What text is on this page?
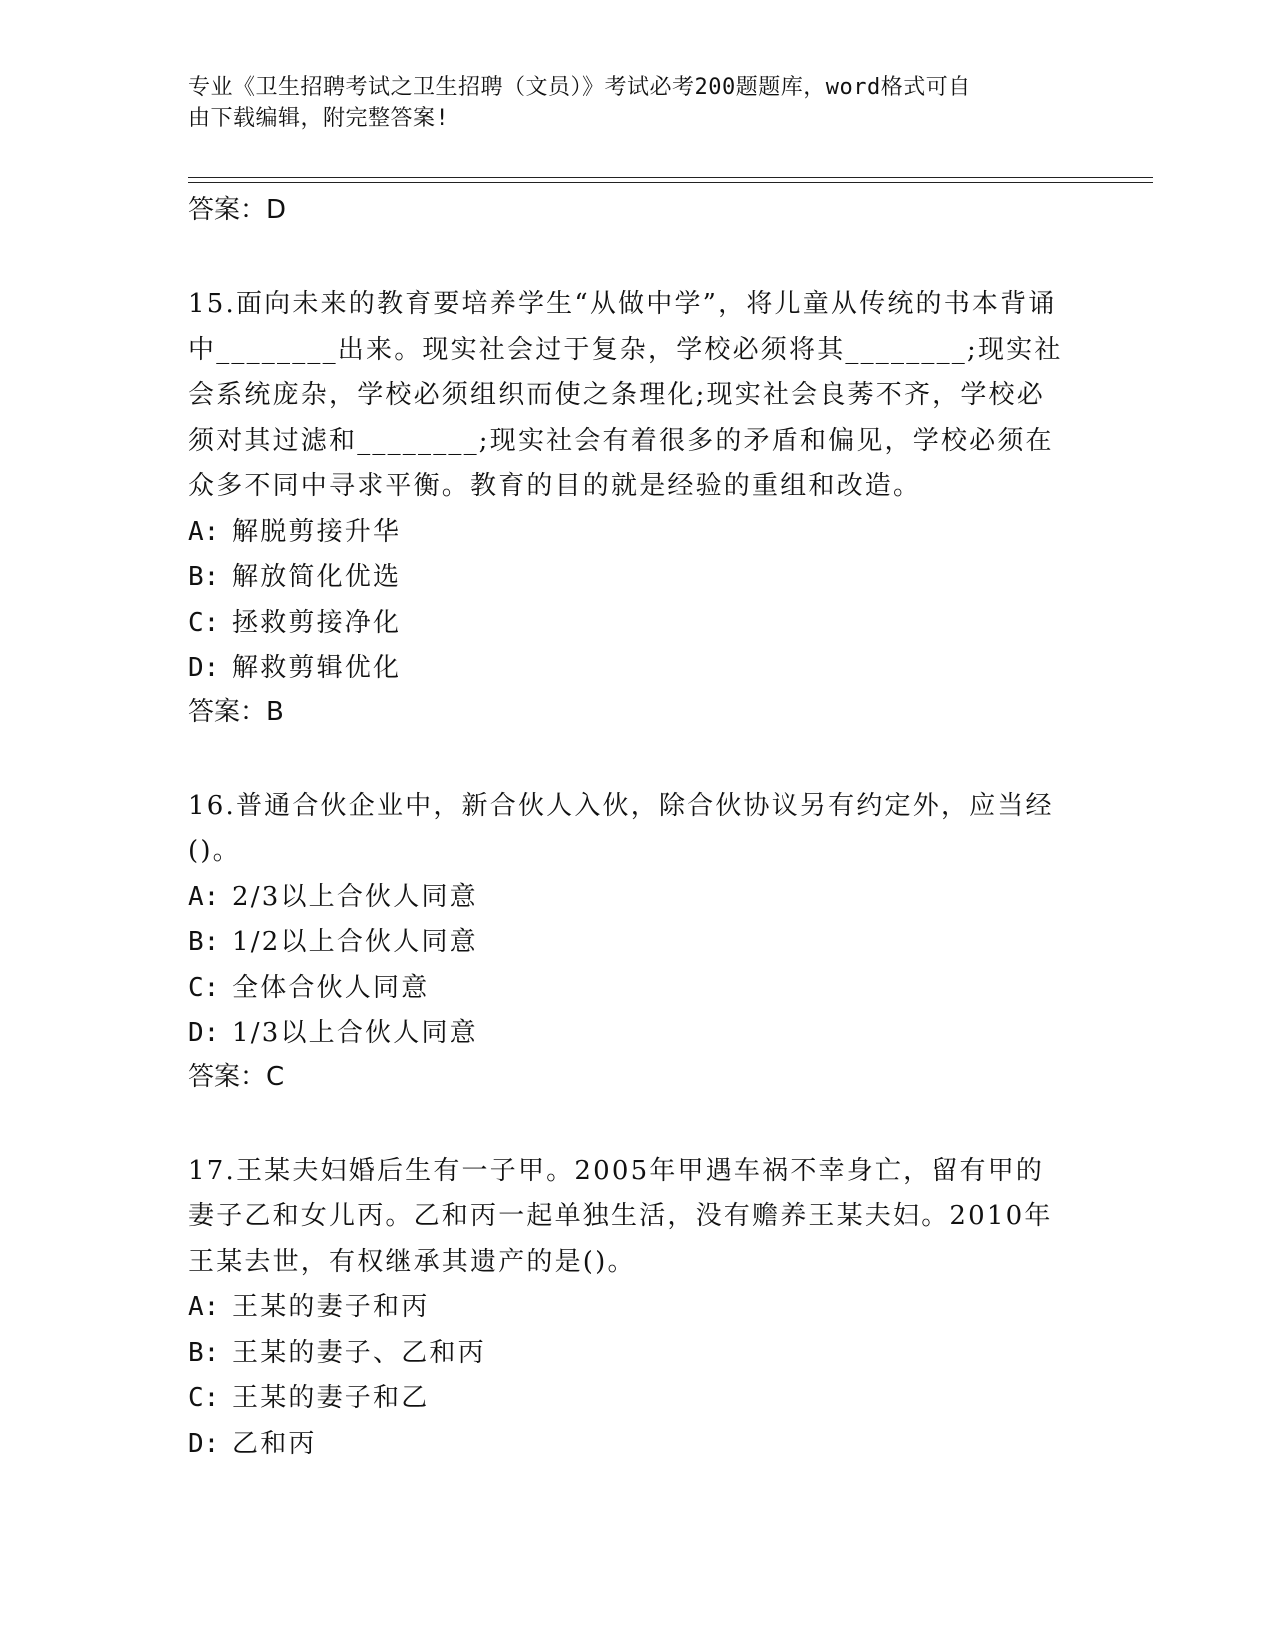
专业《卫生招聘考试之卫生招聘（文员）》考试必考200题题库，word格式可自
由下载编辑，附完整答案!
答案：D
15.面向未来的教育要培养学生“从做中学”，将儿童从传统的书本背诵中________出来。现实社会过于复杂，学校必须将其________;现实社会系统庞杂，学校必须组织而使之条理化;现实社会良莠不齐，学校必须对其过滤和________;现实社会有着很多的矛盾和偏见，学校必须在众多不同中寻求平衡。教育的目的就是经验的重组和改造。
A: 解脱剪接升华
B: 解放简化优选
C: 拯救剪接净化
D: 解救剪辑优化
答案：B
16.普通合伙企业中，新合伙人入伙，除合伙协议另有约定外，应当经()。
A: 2/3以上合伙人同意
B: 1/2以上合伙人同意
C: 全体合伙人同意
D: 1/3以上合伙人同意
答案：C
17.王某夫妇婚后生有一子甲。2005年甲遇车祸不幸身亡，留有甲的妻子乙和女儿丙。乙和丙一起单独生活，没有赡养王某夫妇。2010年王某去世，有权继承其遗产的是()。
A: 王某的妻子和丙
B: 王某的妻子、乙和丙
C: 王某的妻子和乙
D: 乙和丙
